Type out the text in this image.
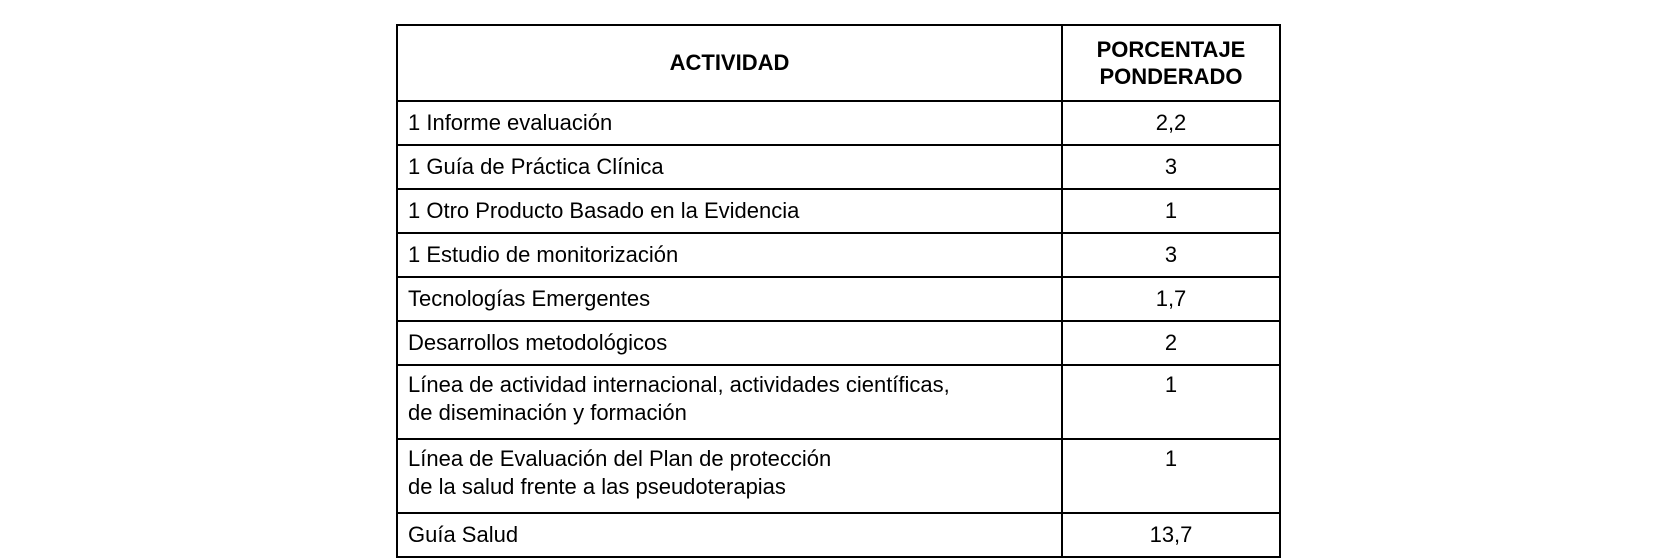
ACTIVIDAD	PORCENTAJE
PONDERADO

1 Informe evaluación	2,2

1 Guía de Práctica Clínica	3

1 Otro Producto Basado en la Evidencia	1

1 Estudio de monitorización	3

Tecnologías Emergentes	1,7

Desarrollos metodológicos	2

Línea de actividad internacional, actividades científicas,
de diseminación y formación	1

Línea de Evaluación del Plan de protección
de la salud frente a las pseudoterapias	1

Guía Salud	13,7
